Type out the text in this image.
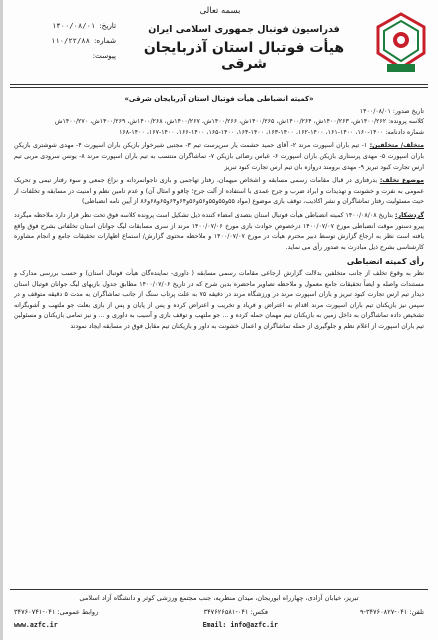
بسمه تعالی
فدراسیون فوتبال جمهوری اسلامی ایران
هیأت فوتبال استان آذربایجان شرقی
تاریخ:۱۴۰۰/۰۸/۰۱
شماره:۱۱۰/۲۲/۸۸
پیوست:

«کمیته انضباطی هیأت فوتبال استان آذربایجان شرقی»

تاریخ صدور: ۱۴۰۰/۰۸/۰۱

کلاسه پرونده: ۱۴۰۰/۲۶۲ش، ۱۴۰۰/۲۶۳ش، ۱۴۰۰/۲۶۴ش، ۱۴۰۰/۲۶۵ش، ۱۴۰۰/۲۶۶ش، ۱۴۰۰/۲۶۷ش، ۱۴۰۰/۲۶۸ش، ۱۴۰۰/۲۶۹ش، ۱۴۰۰/۲۷۰ش

شماره دادنامه: ۱۴۰۰-۱۶۰، ۱۴۰۰-۱۶۱، ۱۴۰۰-۱۶۲، ۱۴۰۰-۱۶۳، ۱۴۰۰-۱۶۴، ۱۴۰۰-۱۶۵، ۱۴۰۰-۱۶۶، ۱۴۰۰-۱۶۷، ۱۴۰۰-۱۶۸

متخلف/ متخلفین: ۱- تیم باران اسپورت مرند ۲- آقای حمید حشمت یار سرپرست تیم ۳- مجتبی شیرخوار بازیکن باران اسپورت ۴- مهدی شوشتری بازیکن باران اسپورت ۵- مهدی پرستاری بازیکن باران اسپورت ۶- عباس رضائی بازیکن ۷- تماشاگران منتسب به تیم باران اسپورت مرند ۸- یونس سرودی مربی تیم ارس تجارت کبود تبریز ۹- مهدی برومند دروازه بان تیم ارس تجارت کبود تبریز

موضوع تخلف: بدرفتاری در قبال مقامات رسمی مسابقه و اشخاص میهمان، رفتار تهاجمی و بازی ناجوانمردانه و نزاع جمعی و سوء رفتار تیمی و تحریک عمومی به نفرت و خشونت و تهدیدات و ایراد ضرب و جرح عمدی با استفاده از آلت جرح؛ چاقو و امثال آن) و عدم تامین نظم و امنیت در مسابقه و تخلفات از حیث مسئولیت رفتار تماشاگران و نشر اکاذیب، توقف بازی موضوع (مواد ۵۵و۵۵و۵۵و۵۶و۵۶و۶۴و۶۴و۶۵و۶۸و۸۶ از آیین نامه انضباطی)

گردشکار: بتاریخ ۱۴۰۰/۰۸/۰۸ کمیته انضباطی هیأت فوتبال استان بتصدی امضاء کننده ذیل تشکیل است پرونده کلاسه فوق تحت نظر قرار دارد ملاحظه میگردد پیرو دستور موقت انضباطی مورخ ۱۴۰۰/۰۷/۰۷ درخصوص حوادث بازی مورخ ۱۴۰۰/۰۷/۰۶ مرند از سری مسابقات لیگ جوانان استان تخلفاتی بشرح فوق واقع یافته است نظر به ارجاع گزارش توسط دبیر محترم هیأت در مورخ ۱۴۰۰/۰۷/۰۷ و ملاحظه محتوی گزارش/ استماع اظهارات تحقیقات جامع و انجام مشاوره کارشناسی بشرح ذیل مبادرت به صدور رأی می نماید.

رأی کمیته انضباطی

نظر به وقوع تخلف از جانب متخلفین بدلالت گزارش ارجاعی مقامات رسمی مسابقه ( داوری- نماینده‌گان هیأت فوتبال استان) و حسب بررسی مدارک و مستندات واصله و ایضاً تحقیقات جامع معمول و ملاحظه تصاویر ماحضره بدین شرح که در تاریخ ۱۴۰۰/۰۷/۰۶ مطابق جدول بازیهای لیگ جوانان فوتبال استان دیدار تیم ارس تجارت کبود تبریز و باران اسپورت مرند در ورزشگاه مرند در دقیقه ۷۵ به علت پرتاب سنگ از جانب تماشاگران به مدت ۵ دقیقه متوقف و در سپس نیز بازیکنان تیم باران اسپورت مرند اقدام به اعتراض و فریاد و تخریب و اعتراض کرده و پس از پایان و پس از بازی بعلت جو ملتهب و آشوبگرانه تشخیص داده تماشاگران به داخل زمین به بازیکنان تیم مهمان حمله کرده و ... جو ملتهب و توقف بازی و آسیب به داوری و ... و نیز تمامی بازیکنان و مسئولین تیم باران اسپورت از اعلام نظم و جلوگیری از حمله تماشاگران و اعمال خشونت به داور و بازیکنان تیم مقابل فوق در مسابقه ایجاد نمودند

تبریز، خیابان آزادی، چهارراه ابوریحان، میدان منظریه، جنب مجتمع ورزشی کوثر و دانشگاه آزاد اسلامی
تلفن: ۰۴۱-۳۴۷۶۰۸۲۷-۹
فکس: ۰۴۱-۳۴۷۶۲۶۵۸۱
روابط عمومی: ۰۴۱-۳۴۷۶۰۷۴۱
Email: info@azfc.ir
www.azfc.ir
